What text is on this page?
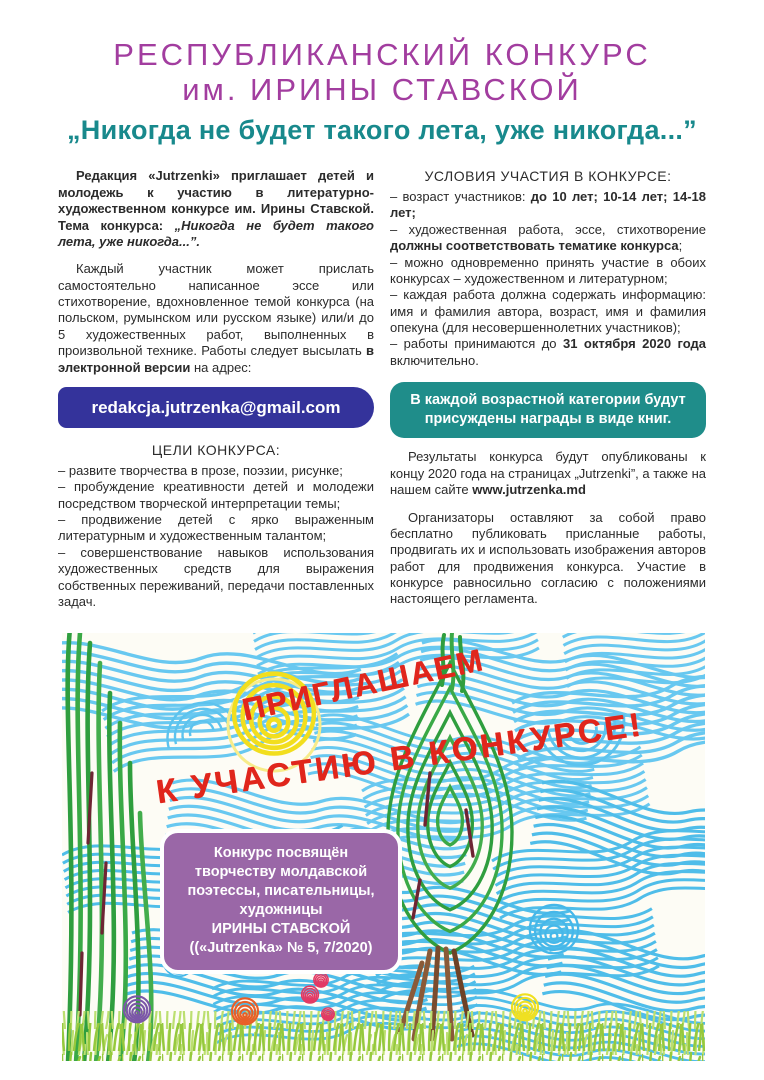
РЕСПУБЛИКАНСКИЙ КОНКУРС
им. ИРИНЫ СТАВСКОЙ
„Никогда не будет такого лета, уже никогда...”

Редакция «Jutrzenki» приглашает детей и молодежь к участию в литературно-художественном конкурсе им. Ирины Ставской. Тема конкурса: „Никогда не будет такого лета, уже никогда...”.

Каждый участник может прислать самостоятельно написанное эссе или стихотворение, вдохновленное темой конкурса (на польском, румынском или русском языке) или/и до 5 художественных работ, выполненных в произвольной технике. Работы следует высылать в электронной версии на адрес:

redakcja.jutrzenka@gmail.com
ЦЕЛИ КОНКУРСА:

– развите творчества в прозе, поэзии, рисунке;

– пробуждение креативности детей и молодежи посредством творческой интерпретации темы;

– продвижение детей с ярко выраженным литературным и художественным талантом;

– совершенствование навыков использования художественных средств для выражения собственных переживаний, передачи поставленных задач.

УСЛОВИЯ УЧАСТИЯ В КОНКУРСЕ:

– возраст участников: до 10 лет; 10-14 лет; 14-18 лет;

– художественная работа, эссе, стихотворение должны соответствовать тематике конкурса;

– можно одновременно принять участие в обоих конкурсах – художественном и литературном;

– каждая работа должна содержать информацию: имя и фамилия автора, возраст, имя и фамилия опекуна (для несовершеннолетних участников);

– работы принимаются до 31 октября 2020 года включительно.

В каждой возрастной категории будут присуждены награды в виде книг.

Результаты конкурса будут опубликованы к концу 2020 года на страницах „Jutrzenki”, а также на нашем сайте www.jutrzenka.md

Организаторы оставляют за собой право бесплатно публиковать присланные работы, продвигать их и использовать изображения авторов работ для продвижения конкурса. Участие в конкурсе равносильно согласию с положениями настоящего регламента.

ПРИГЛАШАЕМ
К УЧАСТИЮ В КОНКУРСЕ!
Конкурс посвящён
творчеству молдавской
поэтессы, писательницы,
художницы
ИРИНЫ СТАВСКОЙ
((«Jutrzenka» № 5, 7/2020)
